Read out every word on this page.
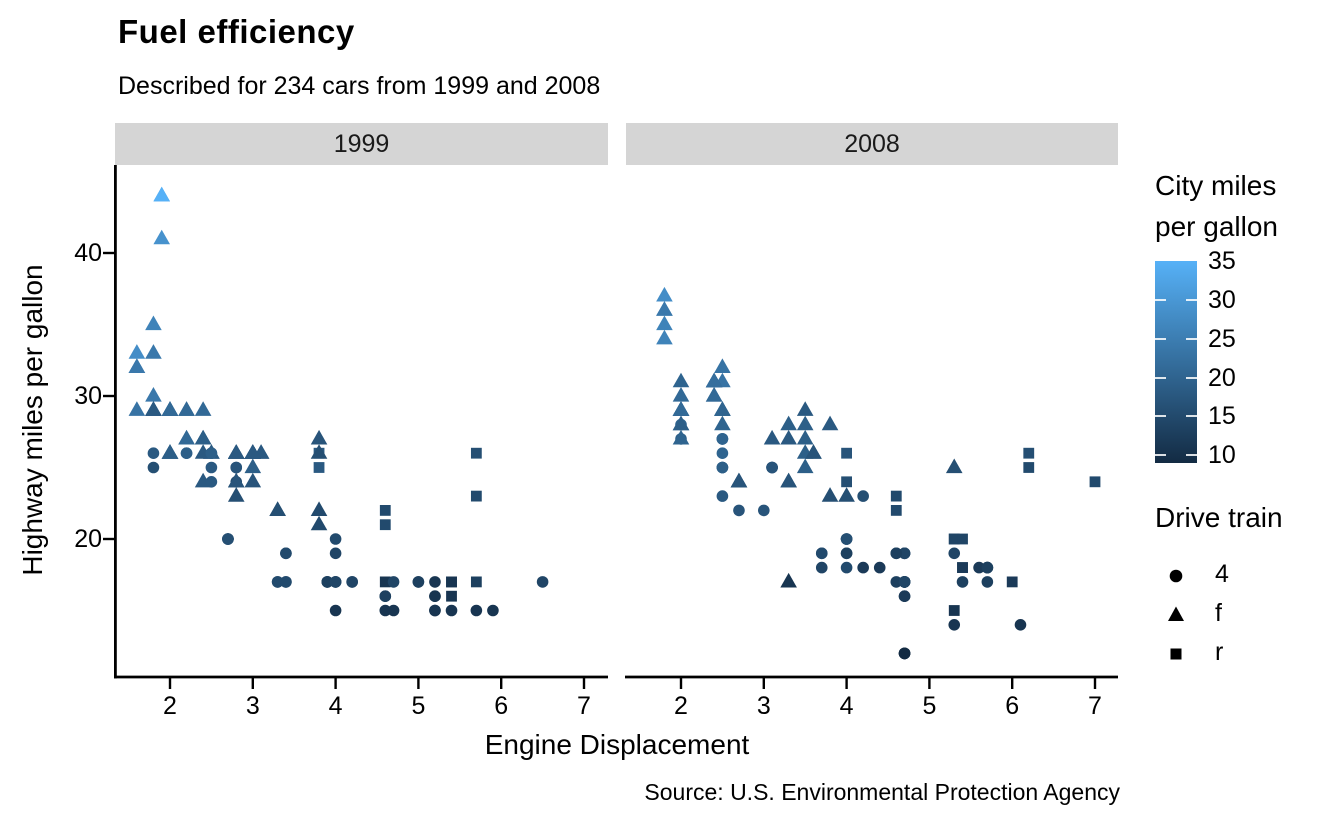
Fuel efficiency
Described for 234 cars from 1999 and 2008
1999	2008
Highway miles per gallon
Engine Displacement
Source: U.S. Environmental Protection Agency
City miles
per gallon
Drive train
4
f
r
2	3	4	5	6	7	2	3	4	5	6	7
20
30
40	35
30
25
20
15
10
